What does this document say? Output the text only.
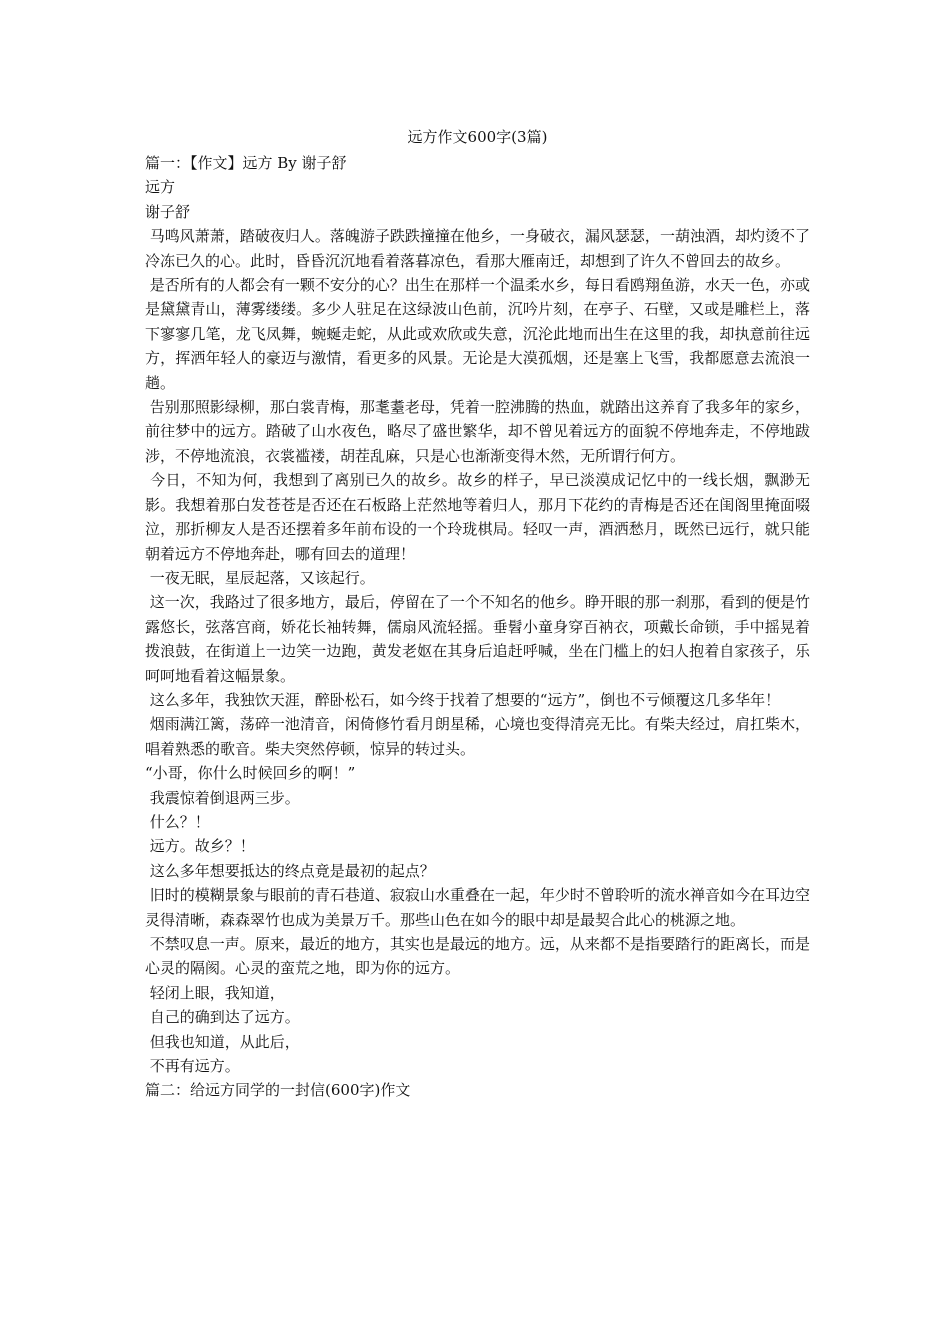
远方作文600字(3篇)

篇一：【作文】远方 By 谢子舒

远方

谢子舒

马鸣风萧萧，踏破夜归人。落魄游子跌跌撞撞在他乡，一身破衣，漏风瑟瑟，一葫浊酒，却灼烫不了冷冻已久的心。此时，昏昏沉沉地看着落暮凉色，看那大雁南迁，却想到了许久不曾回去的故乡。

是否所有的人都会有一颗不安分的心？出生在那样一个温柔水乡，每日看鸥翔鱼游，水天一色，亦或是黛黛青山，薄雾缕缕。多少人驻足在这绿波山色前，沉吟片刻，在亭子、石壁，又或是雕栏上，落下寥寥几笔，龙飞凤舞，蜿蜒走蛇，从此或欢欣或失意，沉沦此地而出生在这里的我，却执意前往远方，挥洒年轻人的豪迈与激情，看更多的风景。无论是大漠孤烟，还是塞上飞雪，我都愿意去流浪一趟。

告别那照影绿柳，那白裳青梅，那耄耋老母，凭着一腔沸腾的热血，就踏出这养育了我多年的家乡，前往梦中的远方。踏破了山水夜色，略尽了盛世繁华，却不曾见着远方的面貌不停地奔走，不停地跋涉，不停地流浪，衣裳褴褛，胡茬乱麻，只是心也渐渐变得木然，无所谓行何方。

今日，不知为何，我想到了离别已久的故乡。故乡的样子，早已淡漠成记忆中的一线长烟，飘渺无影。我想着那白发苍苍是否还在石板路上茫然地等着归人，那月下花约的青梅是否还在闺阁里掩面啜泣，那折柳友人是否还摆着多年前布设的一个玲珑棋局。轻叹一声，酒洒愁月，既然已远行，就只能朝着远方不停地奔赴，哪有回去的道理！

一夜无眠，星辰起落，又该起行。

这一次，我路过了很多地方，最后，停留在了一个不知名的他乡。睁开眼的那一刹那，看到的便是竹露悠长，弦落宫商，娇花长袖转舞，儒扇风流轻摇。垂髫小童身穿百衲衣，项戴长命锁，手中摇晃着拨浪鼓，在街道上一边笑一边跑，黄发老妪在其身后追赶呼喊，坐在门槛上的妇人抱着自家孩子，乐呵呵地看着这幅景象。

这么多年，我独饮天涯，醉卧松石，如今终于找着了想要的“远方”，倒也不亏倾覆这几多华年！

烟雨满江篱，荡碎一池清音，闲倚修竹看月朗星稀，心境也变得清亮无比。有柴夫经过，肩扛柴木，唱着熟悉的歌音。柴夫突然停顿，惊异的转过头。

“小哥，你什么时候回乡的啊！”

我震惊着倒退两三步。

什么？！

远方。故乡？！

这么多年想要抵达的终点竟是最初的起点？

旧时的模糊景象与眼前的青石巷道、寂寂山水重叠在一起，年少时不曾聆听的流水禅音如今在耳边空灵得清晰，森森翠竹也成为美景万千。那些山色在如今的眼中却是最契合此心的桃源之地。

不禁叹息一声。原来，最近的地方，其实也是最远的地方。远，从来都不是指要踏行的距离长，而是心灵的隔阂。心灵的蛮荒之地，即为你的远方。

轻闭上眼，我知道，

自己的确到达了远方。

但我也知道，从此后，

不再有远方。

篇二：给远方同学的一封信(600字)作文
